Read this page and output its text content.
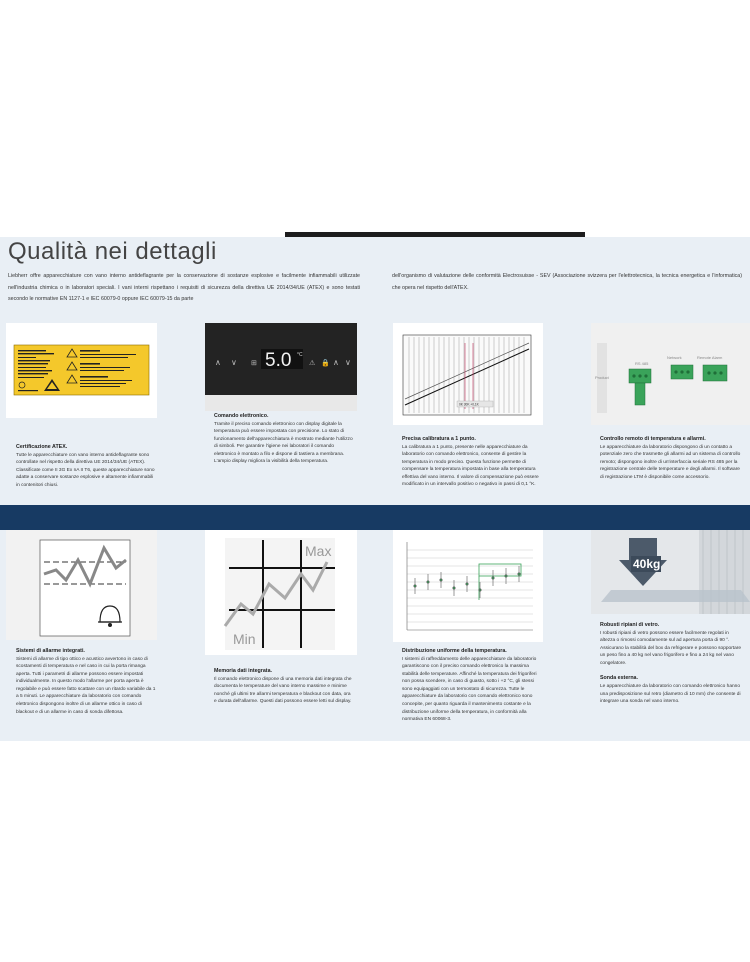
Qualità nei dettagli

Liebherr offre apparecchiature con vano interno antideflagrante per la conservazione di sostanze esplosive e facilmente infiammabili utilizzate nell'industria chimica o in laboratori speciali. I vani interni rispettano i requisiti di sicurezza della direttiva UE 2014/34/UE (ATEX) e sono testati secondo le normative EN 1127-1 e IEC 60079-0 oppure IEC 60079-15 da parte

dell'organismo di valutazione delle conformità Electrosuisse - SEV (Associazione svizzera per l'elettrotecnica, la tecnica energetica e l'informatica) che opera nel rispetto dell'ATEX.

Certificazione ATEX.
Tutte le apparecchiature con vano interno antideflagrante sono controllate nel rispetto della direttiva UE 2014/34/UE (ATEX). Classificate come II 3G Ex nA II T6, queste apparecchiature sono adatte a conservare sostanze esplosive e altamente infiammabili in contenitori chiusi.
∧ ∨ ⊞ 5.0 °C
⚠ 🔒 ∧ ∨
Comando elettronico.
Tramite il preciso comando elettronico con display digitale la temperatura può essere impostata con precisione. Lo stato di funzionamento dell'apparecchiatura è mostrato mediante l'utilizzo di simboli. Per garantire l'igiene nei laboratori il comando elettronico è montato a filo e dispone di tastiera a membrana. L'ampio display migliora la visibilità della temperatura.
0K 30K +0,1K
Precisa calibratura a 1 punto.
La calibratura a 1 punto, presente nelle apparecchiature da laboratorio con comando elettronico, consente di gestire la temperatura in modo preciso. Questa funzione permette di compensare la temperatura impostata in base alla temperatura effettiva del vano interno. Il valore di compensazione può essere modificato in un intervallo positivo o negativo in passi di 0,1 °K.
Product
RS 485
Network	Remote Alarm
Controllo remoto di temperatura e allarmi.
Le apparecchiature da laboratorio dispongono di un contatto a potenziale zero che trasmette gli allarmi ad un sistema di controllo remoto; dispongono inoltre di un'interfaccia seriale RS 485 per la registrazione centrale delle temperature e degli allarmi. Il software di registrazione LTM è disponibile come accessorio.
Sistemi di allarme integrati.
Sistemi di allarme di tipo ottico e acustico avvertono in caso di scostamenti di temperatura e nel caso in cui la porta rimanga aperta. Tutti i parametri di allarme possono essere impostati individualmente. In questo modo l'allarme per porta aperta è regolabile e può essere fatto scattare con un ritardo variabile da 1 a 5 minuti. Le apparecchiature da laboratorio con comando elettronico dispongono inoltre di un allarme ottico in caso di blackout e di un allarme in caso di sonda difettosa.
Max
Min
Memoria dati integrata.
Il comando elettronico dispone di una memoria dati integrata che documenta le temperature del vano interno massime e minime nonché gli ultimi tre allarmi temperatura e blackout con data, ora e durata dell'allarme. Questi dati possono essere letti sul display.
Distribuzione uniforme della temperatura.
I sistemi di raffreddamento delle apparecchiature da laboratorio garantiscono con il preciso comando elettronico la massima stabilità delle temperature. Affinché la temperatura dei frigoriferi non possa scendere, in caso di guasto, sotto i +2 °C, gli stessi sono equipaggiati con un termostato di sicurezza. Tutte le apparecchiature da laboratorio con comando elettronico sono concepite, per quanto riguarda il mantenimento costante e la distribuzione uniforme della temperatura, in conformità alla normativa EN 60068-3.
40kg
Robusti ripiani di vetro.
I robusti ripiani di vetro possono essere facilmente regolati in altezza o rimossi comodamente sul ad apertura porta di 90 °. Assicurano la stabilità del box da refrigerare e possono sopportare un peso fino a 40 kg nel vano frigorifero e fino a 24 kg nel vano congelatore.
Sonda esterna.
Le apparecchiature da laboratorio con comando elettronico hanno una predisposizione sul retro (diametro di 10 mm) che consente di integrare una sonda nel vano interno.
